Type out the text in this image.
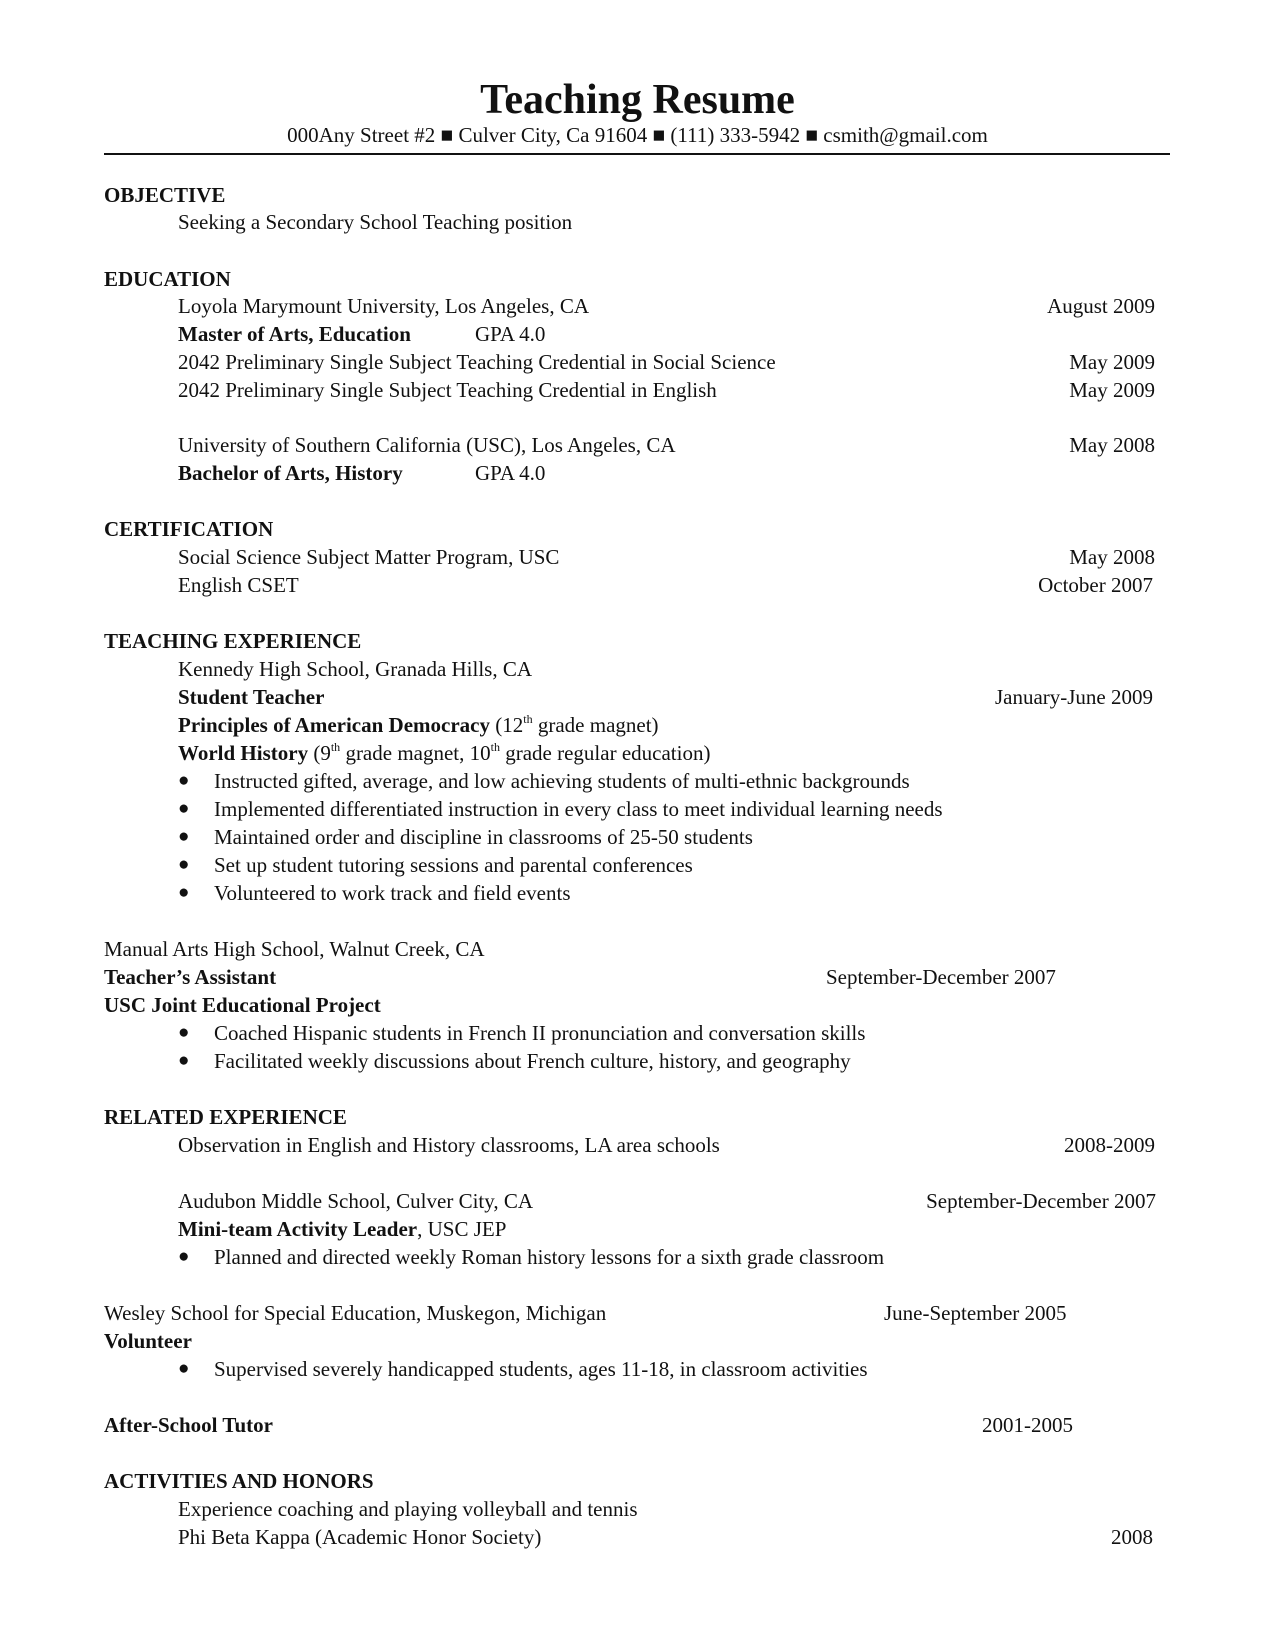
Teaching Resume
000Any Street #2 ■ Culver City, Ca 91604 ■ (111) 333-5942 ■ csmith@gmail.com
OBJECTIVE
Seeking a Secondary School Teaching position
EDUCATION
Loyola Marymount University, Los Angeles, CA	August 2009
Master of Arts, Education	GPA 4.0
2042 Preliminary Single Subject Teaching Credential in Social Science	May 2009
2042 Preliminary Single Subject Teaching Credential in English	May 2009
University of Southern California (USC), Los Angeles, CA	May 2008
Bachelor of Arts, History	GPA 4.0
CERTIFICATION
Social Science Subject Matter Program, USC	May 2008
English CSET	October 2007
TEACHING EXPERIENCE
Kennedy High School, Granada Hills, CA
Student Teacher	January-June 2009
Principles of American Democracy (12th grade magnet)
World History (9th grade magnet, 10th grade regular education)
● Instructed gifted, average, and low achieving students of multi-ethnic backgrounds
● Implemented differentiated instruction in every class to meet individual learning needs
● Maintained order and discipline in classrooms of 25-50 students
● Set up student tutoring sessions and parental conferences
● Volunteered to work track and field events
Manual Arts High School, Walnut Creek, CA
Teacher’s Assistant	September-December 2007
USC Joint Educational Project
● Coached Hispanic students in French II pronunciation and conversation skills
● Facilitated weekly discussions about French culture, history, and geography
RELATED EXPERIENCE
Observation in English and History classrooms, LA area schools	2008-2009
Audubon Middle School, Culver City, CA	September-December 2007
Mini-team Activity Leader, USC JEP
● Planned and directed weekly Roman history lessons for a sixth grade classroom
Wesley School for Special Education, Muskegon, Michigan	June-September 2005
Volunteer
● Supervised severely handicapped students, ages 11-18, in classroom activities
After-School Tutor	2001-2005
ACTIVITIES AND HONORS
Experience coaching and playing volleyball and tennis
Phi Beta Kappa (Academic Honor Society)	2008
